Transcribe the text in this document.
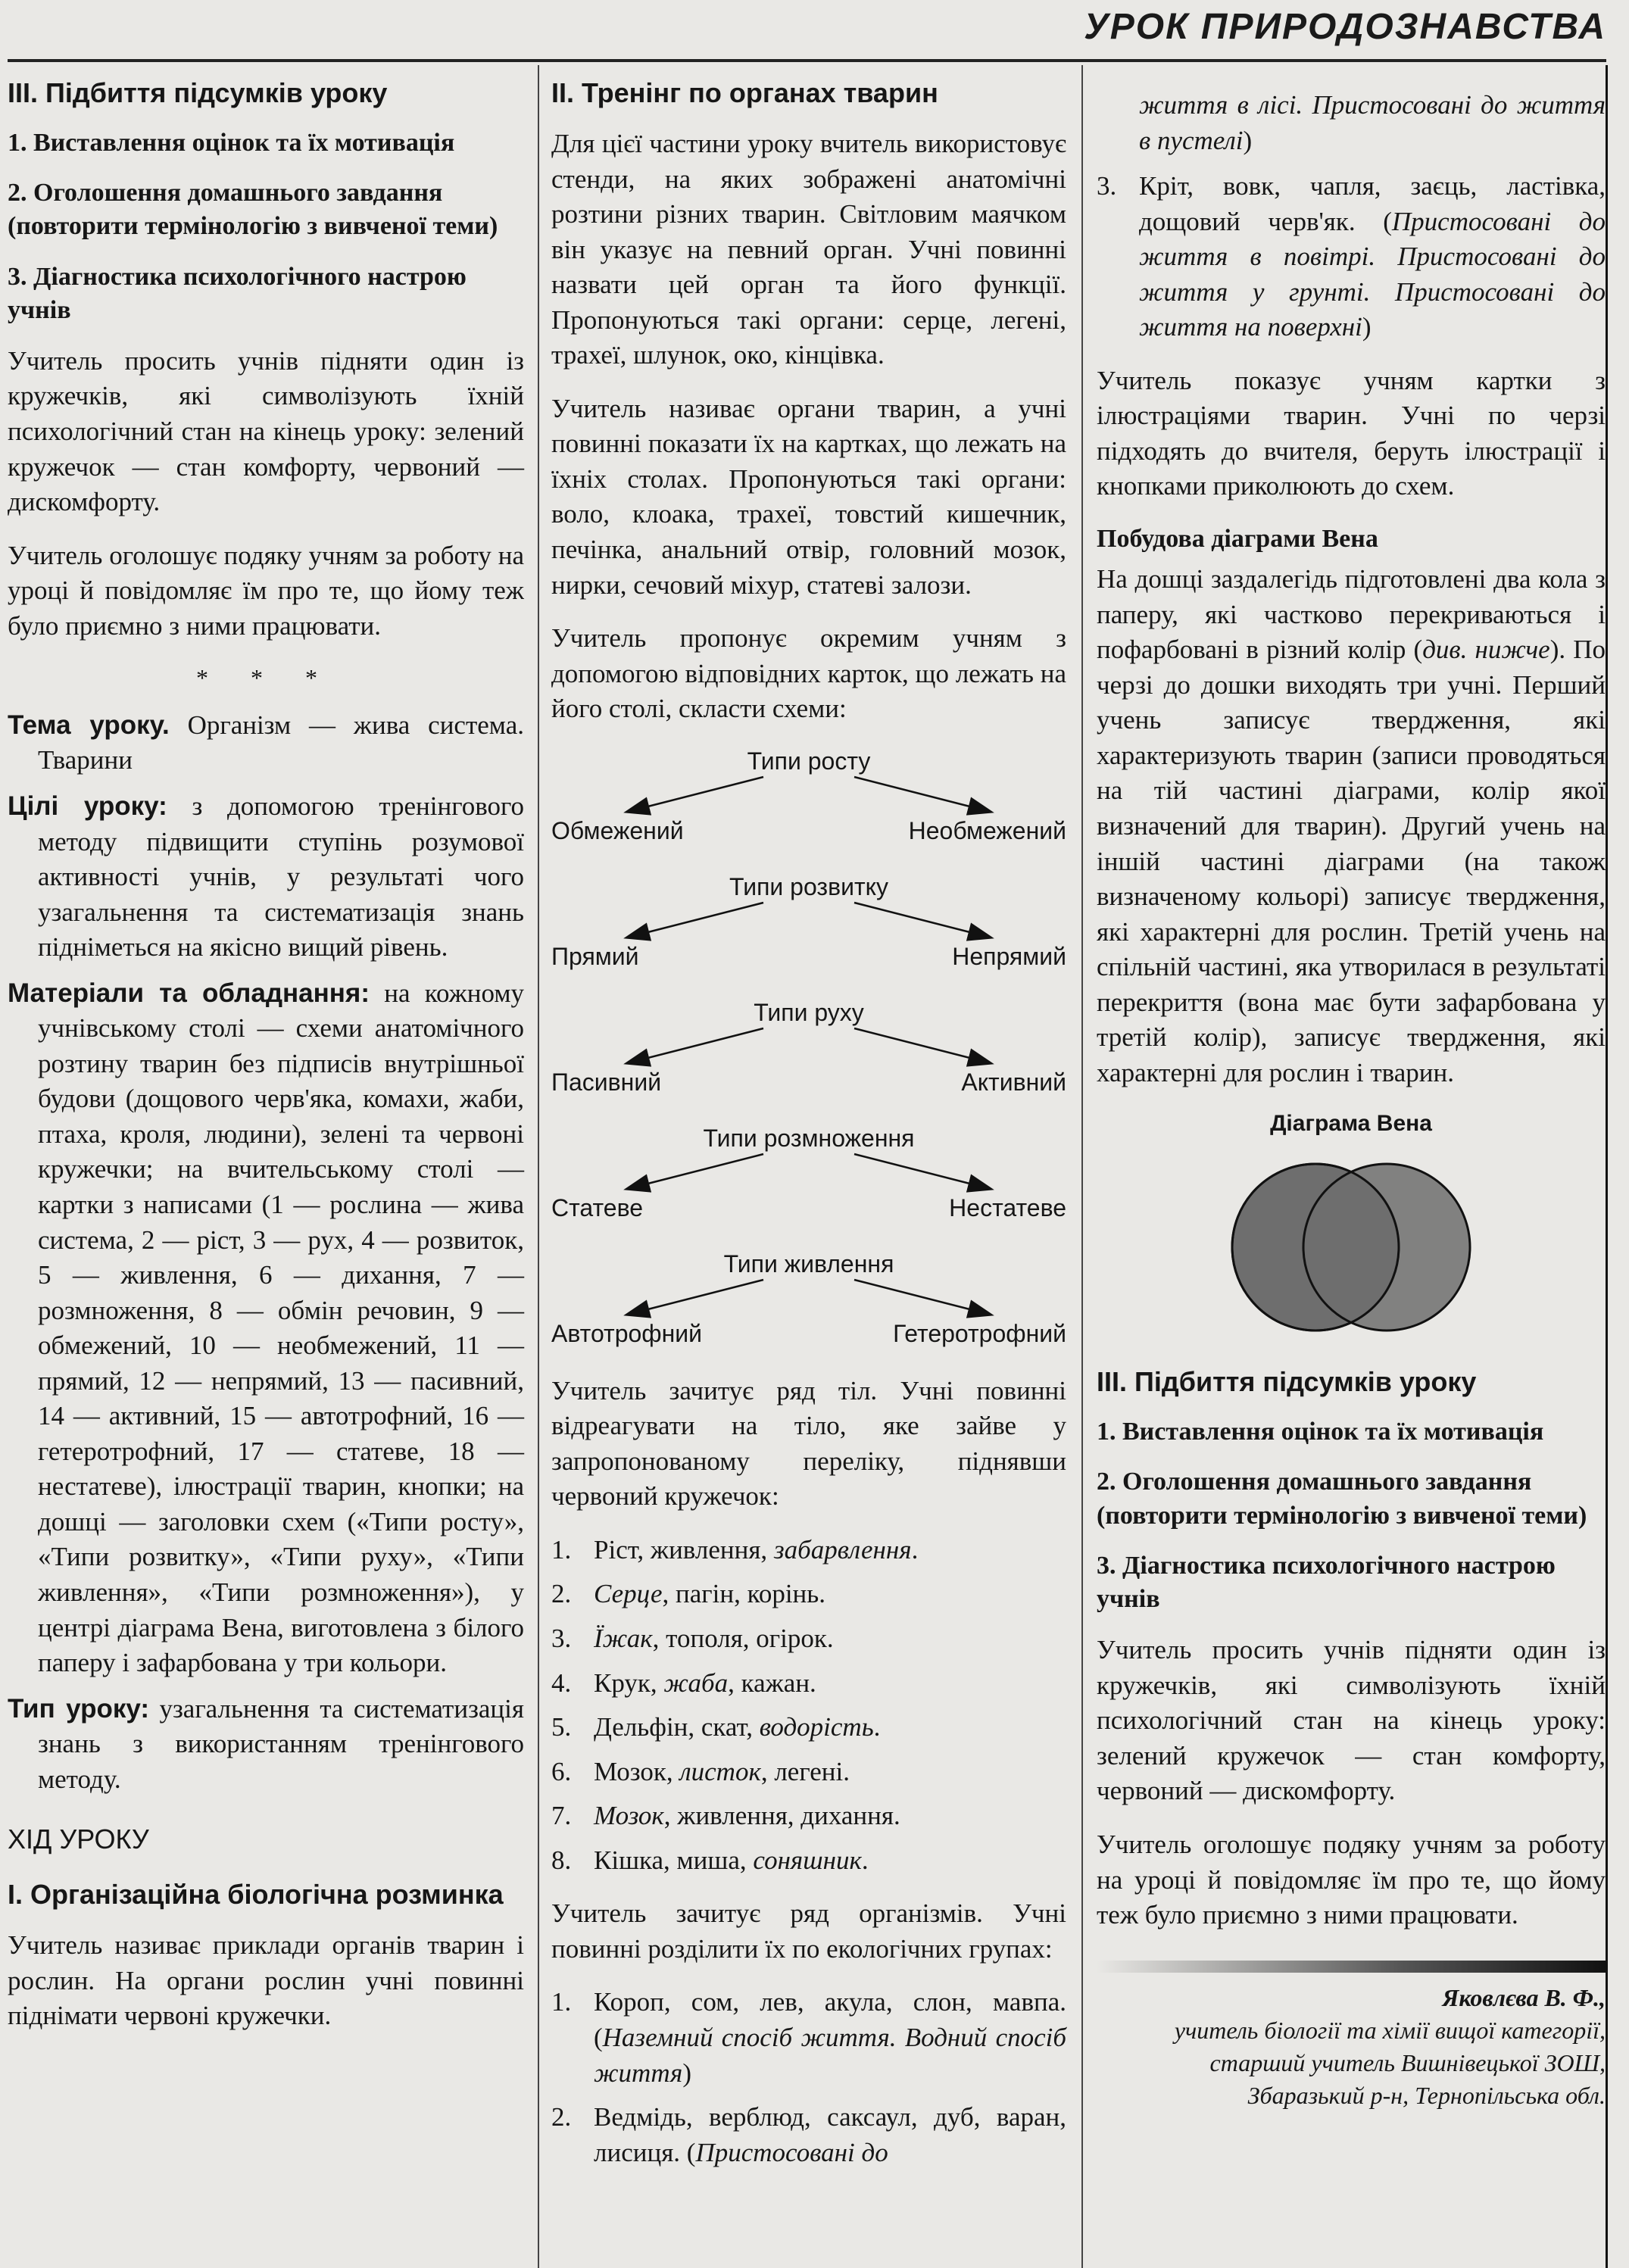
УРОК ПРИРОДОЗНАВСТВА
III. Підбиття підсумків уроку
1. Виставлення оцінок та їх мотивація
2. Оголошення домашнього завдання (повторити термінологію з вивченої теми)
3. Діагностика психологічного настрою учнів

Учитель просить учнів підняти один із кружечків, які символізують їхній психологічний стан на кінець уроку: зелений кружечок — стан комфорту, червоний — дискомфорту.

Учитель оголошує подяку учням за роботу на уроці й повідомляє їм про те, що йому теж було приємно з ними працювати.

* * *

Тема уроку. Організм — жива система. Тварини

Цілі уроку: з допомогою тренінгового методу підвищити ступінь розумової активності учнів, у результаті чого узагальнення та систематизація знань підніметься на якісно вищий рівень.

Матеріали та обладнання: на кожному учнівському столі — схеми анатомічного розтину тварин без підписів внутрішньої будови (дощового черв'яка, комахи, жаби, птаха, кроля, людини), зелені та червоні кружечки; на вчительському столі — картки з написами (1 — рослина — жива система, 2 — ріст, 3 — рух, 4 — розвиток, 5 — живлення, 6 — дихання, 7 — розмноження, 8 — обмін речовин, 9 — обмежений, 10 — необмежений, 11 — прямий, 12 — непрямий, 13 — пасивний, 14 — активний, 15 — автотрофний, 16 — гетеротрофний, 17 — статеве, 18 — нестатеве), ілюстрації тварин, кнопки; на дошці — заголовки схем («Типи росту», «Типи розвитку», «Типи руху», «Типи живлення», «Типи розмноження»), у центрі діаграма Вена, виготовлена з білого паперу і зафарбована у три кольори.

Тип уроку: узагальнення та систематизація знань з використанням тренінгового методу.

ХІД УРОКУ
І. Організаційна біологічна розминка

Учитель називає приклади органів тварин і рослин. На органи рослин учні повинні піднімати червоні кружечки.

ІІ. Тренінг по органах тварин

Для цієї частини уроку вчитель використовує стенди, на яких зображені анатомічні розтини різних тварин. Світловим маячком він указує на певний орган. Учні повинні назвати цей орган та його функції. Пропонуються такі органи: серце, легені, трахеї, шлунок, око, кінцівка.

Учитель називає органи тварин, а учні повинні показати їх на картках, що лежать на їхніх столах. Пропонуються такі органи: воло, клоака, трахеї, товстий кишечник, печінка, анальний отвір, головний мозок, нирки, сечовий міхур, статеві залози.

Учитель пропонує окремим учням з допомогою відповідних карток, що лежать на його столі, скласти схеми:

Типи росту
Обмежений	Необмежений
Типи розвитку
Прямий	Непрямий
Типи руху
Пасивний	Активний
Типи розмноження
Статеве	Нестатеве
Типи живлення
Автотрофний	Гетеротрофний

Учитель зачитує ряд тіл. Учні повинні відреагувати на тіло, яке зайве у запропонованому переліку, піднявши червоний кружечок:

1. Ріст, живлення, забарвлення.
2. Серце, пагін, корінь.
3. Їжак, тополя, огірок.
4. Крук, жаба, кажан.
5. Дельфін, скат, водорість.
6. Мозок, листок, легені.
7. Мозок, живлення, дихання.
8. Кішка, миша, соняшник.

Учитель зачитує ряд організмів. Учні повинні розділити їх по екологічних групах:

1. Короп, сом, лев, акула, слон, мавпа. (Наземний спосіб життя. Водний спосіб життя)
2. Ведмідь, верблюд, саксаул, дуб, варан, лисиця. (Пристосовані до

життя в лісі. Пристосовані до життя в пустелі)

3. Кріт, вовк, чапля, заєць, ластівка, дощовий черв'як. (Пристосовані до життя в повітрі. Пристосовані до життя у грунті. Пристосовані до життя на поверхні)

Учитель показує учням картки з ілюстраціями тварин. Учні по черзі підходять до вчителя, беруть ілюстрації і кнопками приколюють до схем.

Побудова діаграми Вена

На дошці заздалегідь підготовлені два кола з паперу, які частково перекриваються і пофарбовані в різний колір (див. нижче). По черзі до дошки виходять три учні. Перший учень записує твердження, які характеризують тварин (записи проводяться на тій частині діаграми, колір якої визначений для тварин). Другий учень на іншій частині діаграми (на також визначеному кольорі) записує твердження, які характерні для рослин. Третій учень на спільній частині, яка утворилася в результаті перекриття (вона має бути зафарбована у третій колір), записує твердження, які характерні для рослин і тварин.

Діаграма Вена
III. Підбиття підсумків уроку
1. Виставлення оцінок та їх мотивація
2. Оголошення домашнього завдання (повторити термінологію з вивченої теми)
3. Діагностика психологічного настрою учнів

Учитель просить учнів підняти один із кружечків, які символізують їхній психологічний стан на кінець уроку: зелений кружечок — стан комфорту, червоний — дискомфорту.

Учитель оголошує подяку учням за роботу на уроці й повідомляє їм про те, що йому теж було приємно з ними працювати.

Яковлєва В. Ф.,
учитель біології та хімії вищої категорії,
старший учитель Вишнівецької ЗОШ,
Збаразький р-н, Тернопільська обл.
